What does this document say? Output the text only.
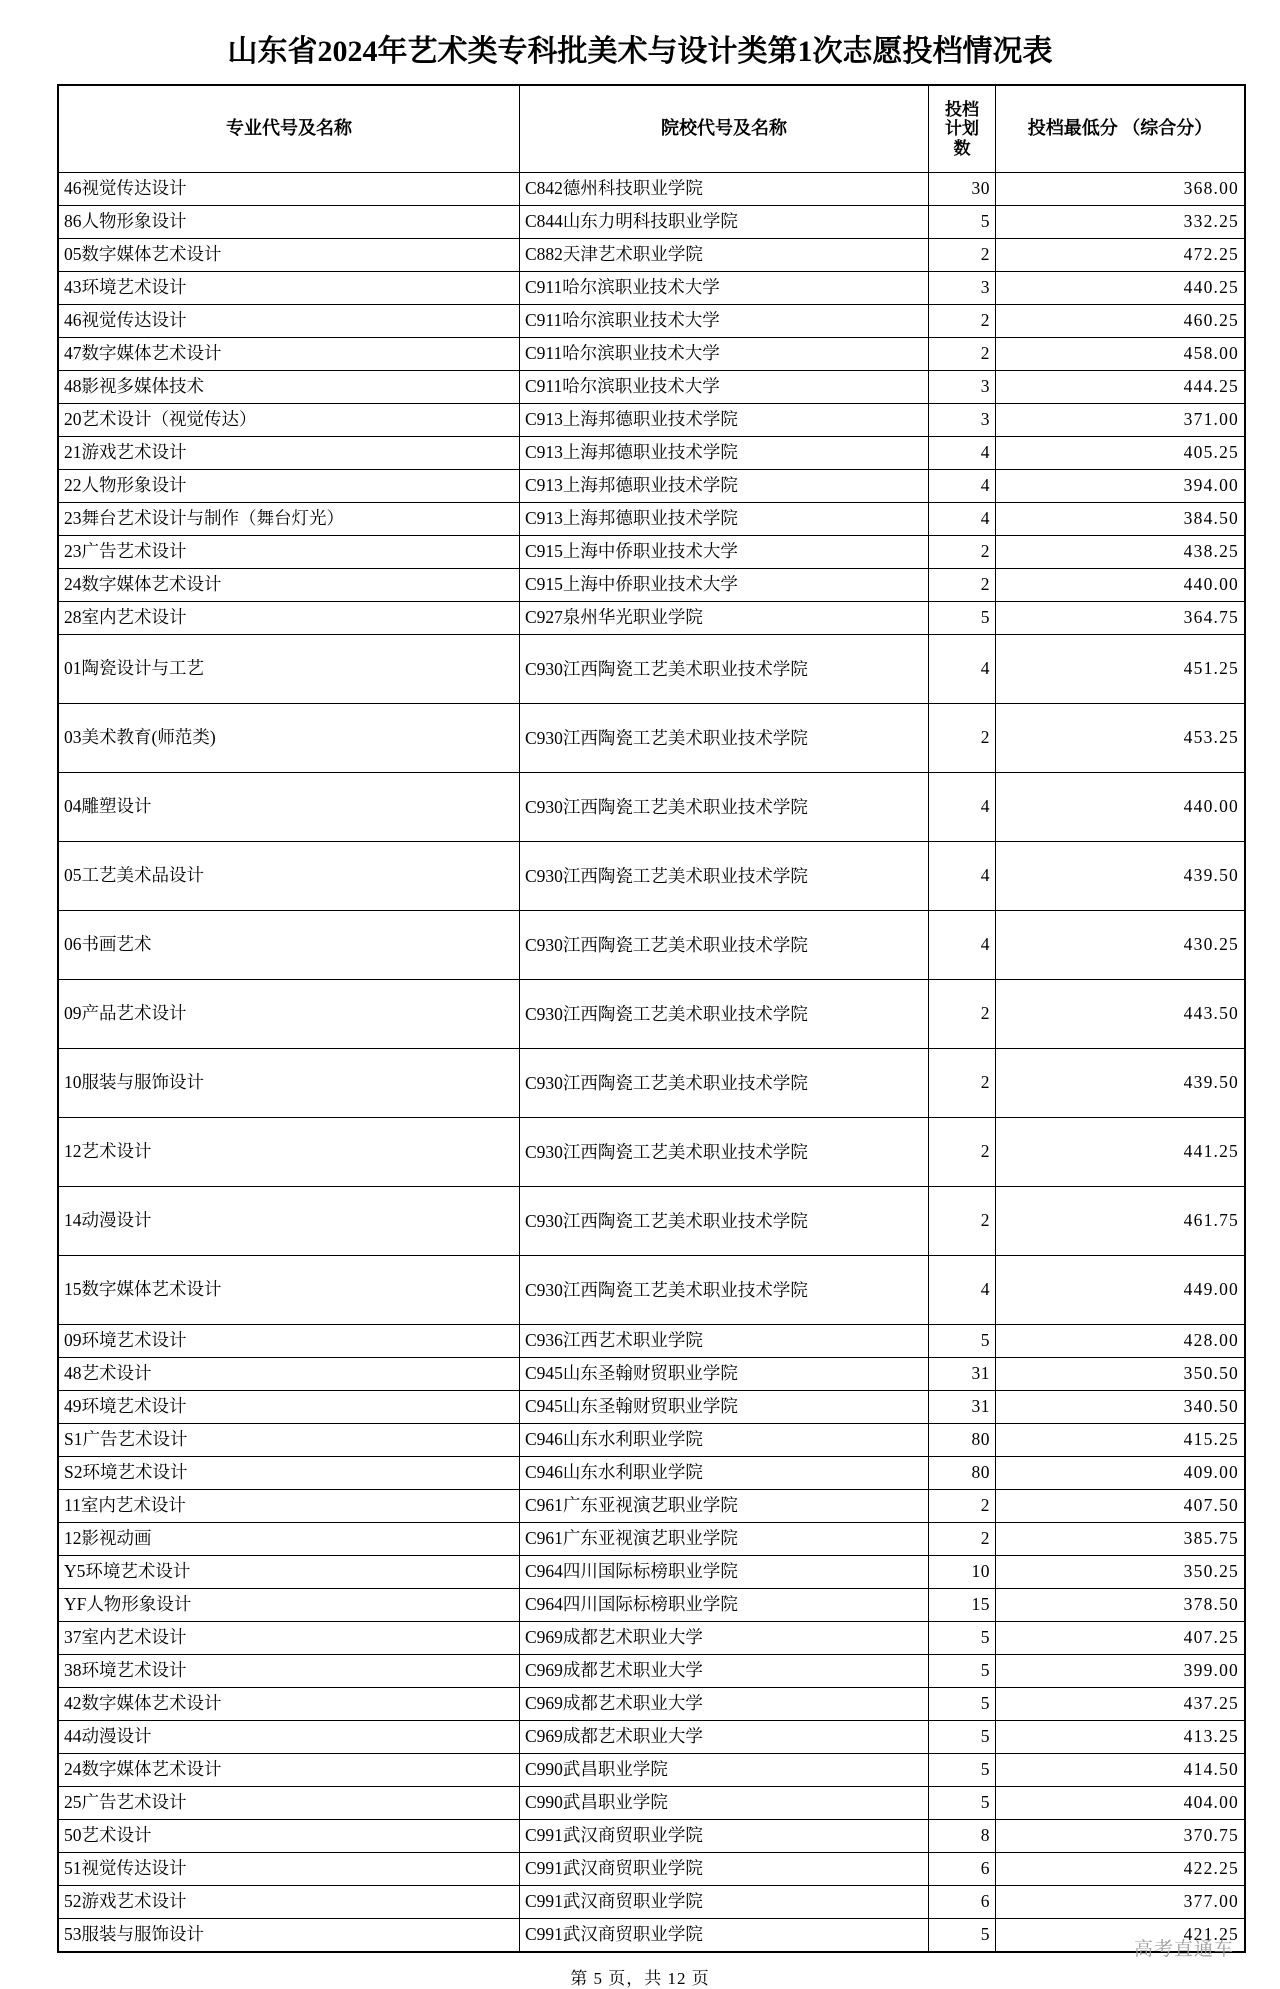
山东省2024年艺术类专科批美术与设计类第1次志愿投档情况表
专业代号及名称	院校代号及名称	投档
计划
数	投档最低分 （综合分）
46视觉传达设计	C842德州科技职业学院	30	368.00
86人物形象设计	C844山东力明科技职业学院	5	332.25
05数字媒体艺术设计	C882天津艺术职业学院	2	472.25
43环境艺术设计	C911哈尔滨职业技术大学	3	440.25
46视觉传达设计	C911哈尔滨职业技术大学	2	460.25
47数字媒体艺术设计	C911哈尔滨职业技术大学	2	458.00
48影视多媒体技术	C911哈尔滨职业技术大学	3	444.25
20艺术设计（视觉传达）	C913上海邦德职业技术学院	3	371.00
21游戏艺术设计	C913上海邦德职业技术学院	4	405.25
22人物形象设计	C913上海邦德职业技术学院	4	394.00
23舞台艺术设计与制作（舞台灯光）	C913上海邦德职业技术学院	4	384.50
23广告艺术设计	C915上海中侨职业技术大学	2	438.25
24数字媒体艺术设计	C915上海中侨职业技术大学	2	440.00
28室内艺术设计	C927泉州华光职业学院	5	364.75
01陶瓷设计与工艺	C930江西陶瓷工艺美术职业技术学院	4	451.25
03美术教育(师范类)	C930江西陶瓷工艺美术职业技术学院	2	453.25
04雕塑设计	C930江西陶瓷工艺美术职业技术学院	4	440.00
05工艺美术品设计	C930江西陶瓷工艺美术职业技术学院	4	439.50
06书画艺术	C930江西陶瓷工艺美术职业技术学院	4	430.25
09产品艺术设计	C930江西陶瓷工艺美术职业技术学院	2	443.50
10服装与服饰设计	C930江西陶瓷工艺美术职业技术学院	2	439.50
12艺术设计	C930江西陶瓷工艺美术职业技术学院	2	441.25
14动漫设计	C930江西陶瓷工艺美术职业技术学院	2	461.75
15数字媒体艺术设计	C930江西陶瓷工艺美术职业技术学院	4	449.00
09环境艺术设计	C936江西艺术职业学院	5	428.00
48艺术设计	C945山东圣翰财贸职业学院	31	350.50
49环境艺术设计	C945山东圣翰财贸职业学院	31	340.50
S1广告艺术设计	C946山东水利职业学院	80	415.25
S2环境艺术设计	C946山东水利职业学院	80	409.00
11室内艺术设计	C961广东亚视演艺职业学院	2	407.50
12影视动画	C961广东亚视演艺职业学院	2	385.75
Y5环境艺术设计	C964四川国际标榜职业学院	10	350.25
YF人物形象设计	C964四川国际标榜职业学院	15	378.50
37室内艺术设计	C969成都艺术职业大学	5	407.25
38环境艺术设计	C969成都艺术职业大学	5	399.00
42数字媒体艺术设计	C969成都艺术职业大学	5	437.25
44动漫设计	C969成都艺术职业大学	5	413.25
24数字媒体艺术设计	C990武昌职业学院	5	414.50
25广告艺术设计	C990武昌职业学院	5	404.00
50艺术设计	C991武汉商贸职业学院	8	370.75
51视觉传达设计	C991武汉商贸职业学院	6	422.25
52游戏艺术设计	C991武汉商贸职业学院	6	377.00
53服装与服饰设计	C991武汉商贸职业学院	5	421.25
第 5 页，共 12 页
高考直通车
